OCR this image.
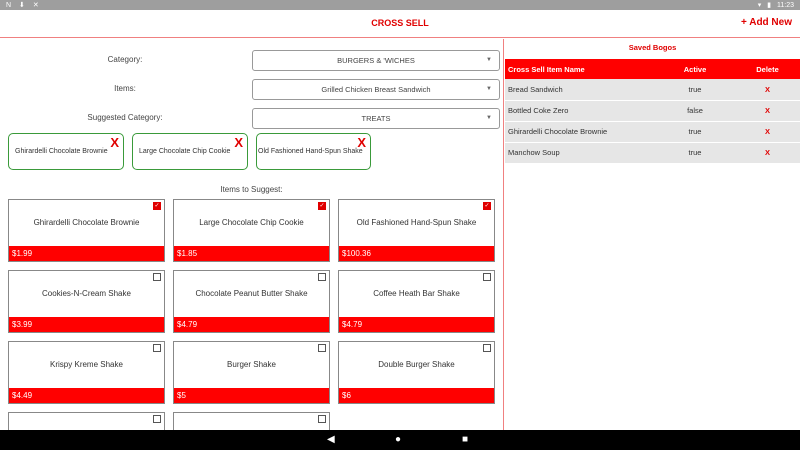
N ⬇ ✕	▾ ▮ 11:23
CROSS SELL	+ Add New
Category:	BURGERS & 'WICHES	▼
Items:	Grilled Chicken Breast Sandwich	▼
Suggested Category:	TREATS	▼
Ghirardelli Chocolate Brownie
X
Large Chocolate Chip Cookie
X
Old Fashioned Hand-Spun Shake
X
Items to Suggest:
✓
Ghirardelli Chocolate Brownie
$1.99
✓
Large Chocolate Chip Cookie
$1.85
✓
Old Fashioned Hand-Spun Shake
$100.36
Cookies-N-Cream Shake
$3.99
Chocolate Peanut Butter Shake
$4.79
Coffee Heath Bar Shake
$4.79
Krispy Kreme Shake
$4.49
Burger Shake
$5
Double Burger Shake
$6
Saved Bogos
Cross Sell Item Name	Active	Delete
Bread Sandwich	true	X
Bottled Coke Zero	false	X
Ghirardelli Chocolate Brownie	true	X
Manchow Soup	true	X
◀	●	■
